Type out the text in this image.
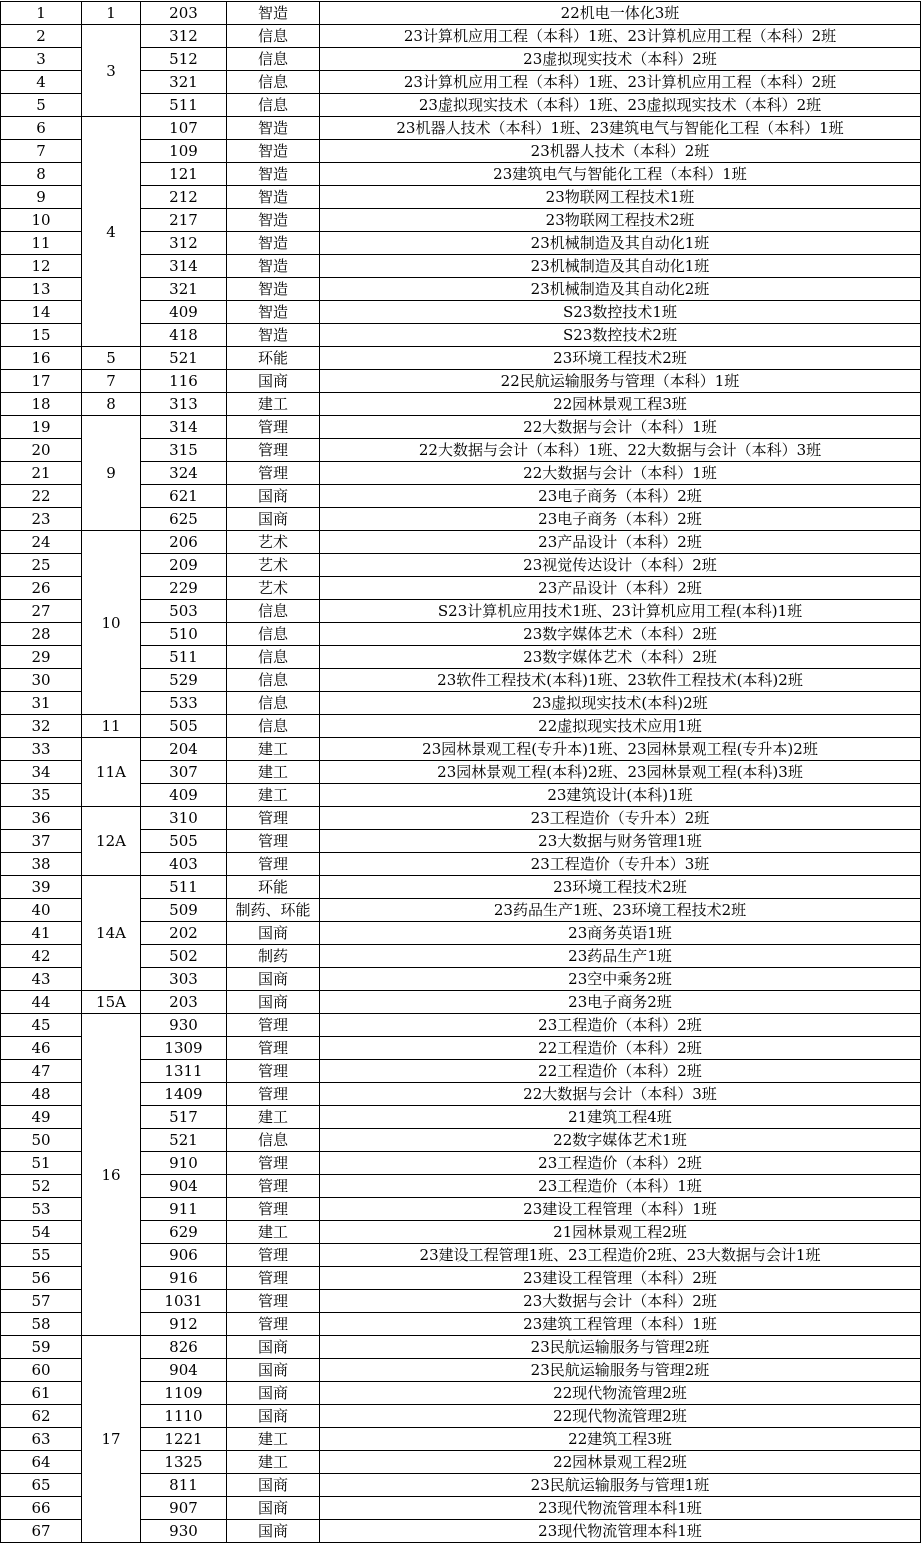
1	1	203	智造	22机电一体化3班
2	3	312	信息	23计算机应用工程（本科）1班、23计算机应用工程（本科）2班
3		512	信息	23虚拟现实技术（本科）2班
4		321	信息	23计算机应用工程（本科）1班、23计算机应用工程（本科）2班
5		511	信息	23虚拟现实技术（本科）1班、23虚拟现实技术（本科）2班
6	4	107	智造	23机器人技术（本科）1班、23建筑电气与智能化工程（本科）1班
7		109	智造	23机器人技术（本科）2班
8		121	智造	23建筑电气与智能化工程（本科）1班
9		212	智造	23物联网工程技术1班
10		217	智造	23物联网工程技术2班
11		312	智造	23机械制造及其自动化1班
12		314	智造	23机械制造及其自动化1班
13		321	智造	23机械制造及其自动化2班
14		409	智造	S23数控技术1班
15		418	智造	S23数控技术2班
16	5	521	环能	23环境工程技术2班
17	7	116	国商	22民航运输服务与管理（本科）1班
18	8	313	建工	22园林景观工程3班
19	9	314	管理	22大数据与会计（本科）1班
20		315	管理	22大数据与会计（本科）1班、22大数据与会计（本科）3班
21		324	管理	22大数据与会计（本科）1班
22		621	国商	23电子商务（本科）2班
23		625	国商	23电子商务（本科）2班
24	10	206	艺术	23产品设计（本科）2班
25		209	艺术	23视觉传达设计（本科）2班
26		229	艺术	23产品设计（本科）2班
27		503	信息	S23计算机应用技术1班、23计算机应用工程(本科)1班
28		510	信息	23数字媒体艺术（本科）2班
29		511	信息	23数字媒体艺术（本科）2班
30		529	信息	23软件工程技术(本科)1班、23软件工程技术(本科)2班
31		533	信息	23虚拟现实技术(本科)2班
32	11	505	信息	22虚拟现实技术应用1班
33	11A	204	建工	23园林景观工程(专升本)1班、23园林景观工程(专升本)2班
34		307	建工	23园林景观工程(本科)2班、23园林景观工程(本科)3班
35		409	建工	23建筑设计(本科)1班
36	12A	310	管理	23工程造价（专升本）2班
37		505	管理	23大数据与财务管理1班
38		403	管理	23工程造价（专升本）3班
39	14A	511	环能	23环境工程技术2班
40		509	制药、环能	23药品生产1班、23环境工程技术2班
41		202	国商	23商务英语1班
42		502	制药	23药品生产1班
43		303	国商	23空中乘务2班
44	15A	203	国商	23电子商务2班
45	16	930	管理	23工程造价（本科）2班
46		1309	管理	22工程造价（本科）2班
47		1311	管理	22工程造价（本科）2班
48		1409	管理	22大数据与会计（本科）3班
49		517	建工	21建筑工程4班
50		521	信息	22数字媒体艺术1班
51		910	管理	23工程造价（本科）2班
52		904	管理	23工程造价（本科）1班
53		911	管理	23建设工程管理（本科）1班
54		629	建工	21园林景观工程2班
55		906	管理	23建设工程管理1班、23工程造价2班、23大数据与会计1班
56		916	管理	23建设工程管理（本科）2班
57		1031	管理	23大数据与会计（本科）2班
58		912	管理	23建筑工程管理（本科）1班
59	17	826	国商	23民航运输服务与管理2班
60		904	国商	23民航运输服务与管理2班
61		1109	国商	22现代物流管理2班
62		1110	国商	22现代物流管理2班
63		1221	建工	22建筑工程3班
64		1325	建工	22园林景观工程2班
65		811	国商	23民航运输服务与管理1班
66		907	国商	23现代物流管理本科1班
67		930	国商	23现代物流管理本科1班
